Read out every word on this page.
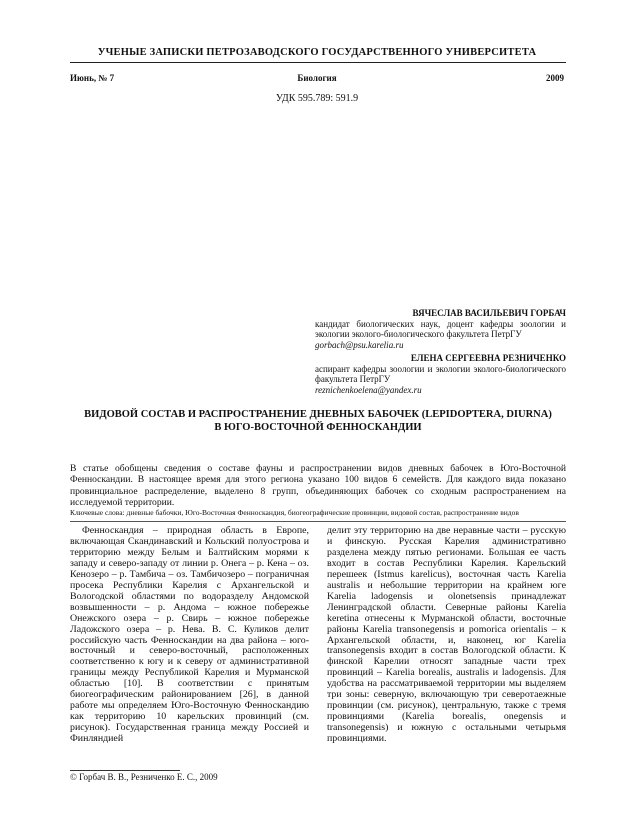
УЧЕНЫЕ ЗАПИСКИ ПЕТРОЗАВОДСКОГО ГОСУДАРСТВЕННОГО УНИВЕРСИТЕТА
Июнь, № 7	Биология	2009
УДК 595.789: 591.9
ВЯЧЕСЛАВ ВАСИЛЬЕВИЧ ГОРБАЧ
кандидат биологических наук, доцент кафедры зоологии и экологии эколого-биологического факультета ПетрГУ
gorbach@psu.karelia.ru
ЕЛЕНА СЕРГЕЕВНА РЕЗНИЧЕНКО
аспирант кафедры зоологии и экологии эколого-биологического факультета ПетрГУ
reznichenkoelena@yandex.ru
ВИДОВОЙ СОСТАВ И РАСПРОСТРАНЕНИЕ ДНЕВНЫХ БАБОЧЕК (LEPIDOPTERA, DIURNA)
В ЮГО-ВОСТОЧНОЙ ФЕННОСКАНДИИ
В статье обобщены сведения о составе фауны и распространении видов дневных бабочек в Юго-Восточной Фенноскандии. В настоящее время для этого региона указано 100 видов 6 семейств. Для каждого вида показано провинциальное распределение, выделено 8 групп, объединяющих бабочек со сходным распространением на исследуемой территории.
Ключевые слова: дневные бабочки, Юго-Восточная Фенноскандия, биогеографические провинции, видовой состав, распространение видов

Фенноскандия – природная область в Европе, включающая Скандинавский и Кольский полуострова и территорию между Белым и Балтийским морями к западу и северо-западу от линии р. Онега – р. Кена – оз. Кенозеро – р. Тамбича – оз. Тамбичозеро – пограничная просека Республики Карелия с Архангельской и Вологодской областями по водоразделу Андомской возвышенности – р. Андома – южное побережье Онежского озера – р. Свирь – южное побережье Ладожского озера – р. Нева. В. С. Куликов делит российскую часть Фенноскандии на два района – юго-восточный и северо-восточный, расположенных соответственно к югу и к северу от административной границы между Республикой Карелия и Мурманской областью [10]. В соответствии с принятым биогеографическим районированием [26], в данной работе мы определяем Юго-Восточную Фенноскандию как территорию 10 карельских провинций (см. рисунок). Государственная граница между Россией и Финляндией

делит эту территорию на две неравные части – русскую и финскую. Русская Карелия административно разделена между пятью регионами. Большая ее часть входит в состав Республики Карелия. Карельский перешеек (Istmus karelicus), восточная часть Karelia australis и небольшие территории на крайнем юге Karelia ladogensis и olonetsensis принадлежат Ленинградской области. Северные районы Karelia keretina отнесены к Мурманской области, восточные районы Karelia transonegensis и pomorica orientalis – к Архангельской области, и, наконец, юг Karelia transonegensis входит в состав Вологодской области. К финской Карелии относят западные части трех провинций – Karelia borealis, australis и ladogensis. Для удобства на рассматриваемой территории мы выделяем три зоны: северную, включающую три северотаежные провинции (см. рисунок), центральную, также с тремя провинциями (Karelia borealis, onegensis и transonegensis) и южную с остальными четырьмя провинциями.

© Горбач В. В., Резниченко Е. С., 2009
